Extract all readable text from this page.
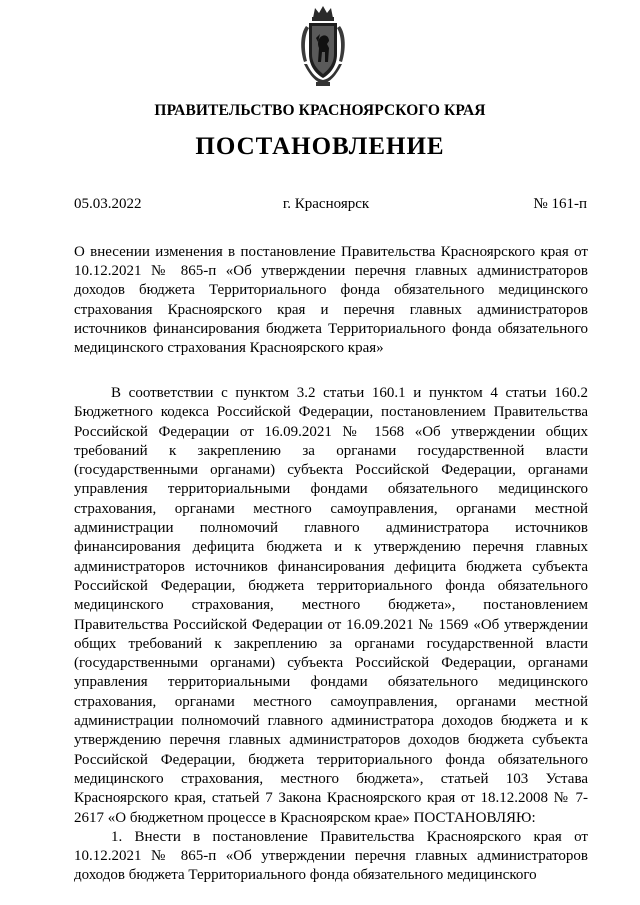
ПРАВИТЕЛЬСТВО КРАСНОЯРСКОГО КРАЯ
ПОСТАНОВЛЕНИЕ
05.03.2022	г. Красноярск	№ 161-п
О внесении изменения в постановление Правительства Красноярского края от 10.12.2021 № 865-п «Об утверждении перечня главных администраторов доходов бюджета Территориального фонда обязательного медицинского страхования Красноярского края и перечня главных администраторов источников финансирования бюджета Территориального фонда обязательного медицинского страхования Красноярского края»

В соответствии с пунктом 3.2 статьи 160.1 и пунктом 4 статьи 160.2 Бюджетного кодекса Российской Федерации, постановлением Правительства Российской Федерации от 16.09.2021 № 1568 «Об утверждении общих требований к закреплению за органами государственной власти (государственными органами) субъекта Российской Федерации, органами управления территориальными фондами обязательного медицинского страхования, органами местного самоуправления, органами местной администрации полномочий главного администратора источников финансирования дефицита бюджета и к утверждению перечня главных администраторов источников финансирования дефицита бюджета субъекта Российской Федерации, бюджета территориального фонда обязательного медицинского страхования, местного бюджета», постановлением Правительства Российской Федерации от 16.09.2021 № 1569 «Об утверждении общих требований к закреплению за органами государственной власти (государственными органами) субъекта Российской Федерации, органами управления территориальными фондами обязательного медицинского страхования, органами местного самоуправления, органами местной администрации полномочий главного администратора доходов бюджета и к утверждению перечня главных администраторов доходов бюджета субъекта Российской Федерации, бюджета территориального фонда обязательного медицинского страхования, местного бюджета», статьей 103 Устава Красноярского края, статьей 7 Закона Красноярского края от 18.12.2008 № 7-2617 «О бюджетном процессе в Красноярском крае» ПОСТАНОВЛЯЮ:

1. Внести в постановление Правительства Красноярского края от 10.12.2021 № 865-п «Об утверждении перечня главных администраторов доходов бюджета Территориального фонда обязательного медицинского
